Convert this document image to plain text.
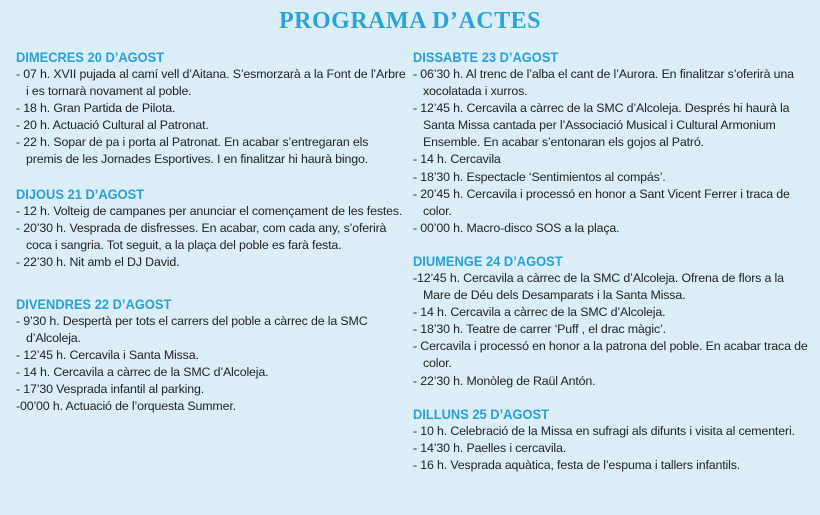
PROGRAMA D’ACTES
DIMECRES 20 D’AGOST
- 07 h. XVII pujada al camí vell d’Aitana. S’esmorzarà a la Font de l’Arbre i es tornarà novament al poble.
- 18 h. Gran Partida de Pilota.
- 20 h. Actuació Cultural al Patronat.
- 22 h. Sopar de pa i porta al Patronat. En acabar s’entregaran els premis de les Jornades Esportives. I en finalitzar hi haurà bingo.
DIJOUS 21 D’AGOST
- 12 h. Volteig de campanes per anunciar el començament de les festes.
- 20’30 h. Vesprada de disfresses. En acabar, com cada any, s’oferirà coca i sangria. Tot seguit, a la plaça del poble es farà festa.
- 22’30 h. Nit amb el DJ David.
DIVENDRES 22 D’AGOST
- 9’30 h. Despertà per tots el carrers del poble a càrrec de la SMC d’Alcoleja.
- 12’45 h. Cercavila i Santa Missa.
- 14 h. Cercavila a càrrec de la SMC d’Alcoleja.
- 17’30 Vesprada infantil al parking.
-00’00 h. Actuació de l’orquesta Summer.
DISSABTE 23 D’AGOST
- 06’30 h. Al trenc de l’alba el cant de l’Aurora. En finalitzar s’oferirà una xocolatada i xurros.
- 12’45 h. Cercavila a càrrec de la SMC d’Alcoleja. Després hi haurà la Santa Missa cantada per l’Associació Musical i Cultural Armonium Ensemble. En acabar s’entonaran els gojos al Patró.
- 14 h. Cercavila
- 18’30 h. Espectacle ‘Sentimientos al compás’.
- 20’45 h. Cercavila i processó en honor a Sant Vicent Ferrer i traca de color.
- 00’00 h. Macro-disco SOS a la plaça.
DIUMENGE 24 D’AGOST
-12’45 h. Cercavila a càrrec de la SMC d’Alcoleja. Ofrena de flors a la Mare de Déu dels Desamparats i la Santa Missa.
- 14 h. Cercavila a càrrec de la SMC d’Alcoleja.
- 18’30 h. Teatre de carrer ‘Puff , el drac màgic’.
- Cercavila i processó en honor a la patrona del poble. En acabar traca de color.
- 22’30 h. Monòleg de Raül Antón.
DILLUNS 25 D’AGOST
- 10 h. Celebració de la Missa en sufragi als difunts i visita al cementeri.
- 14’30 h. Paelles i cercavila.
- 16 h. Vesprada aquàtica, festa de l’espuma i tallers infantils.
